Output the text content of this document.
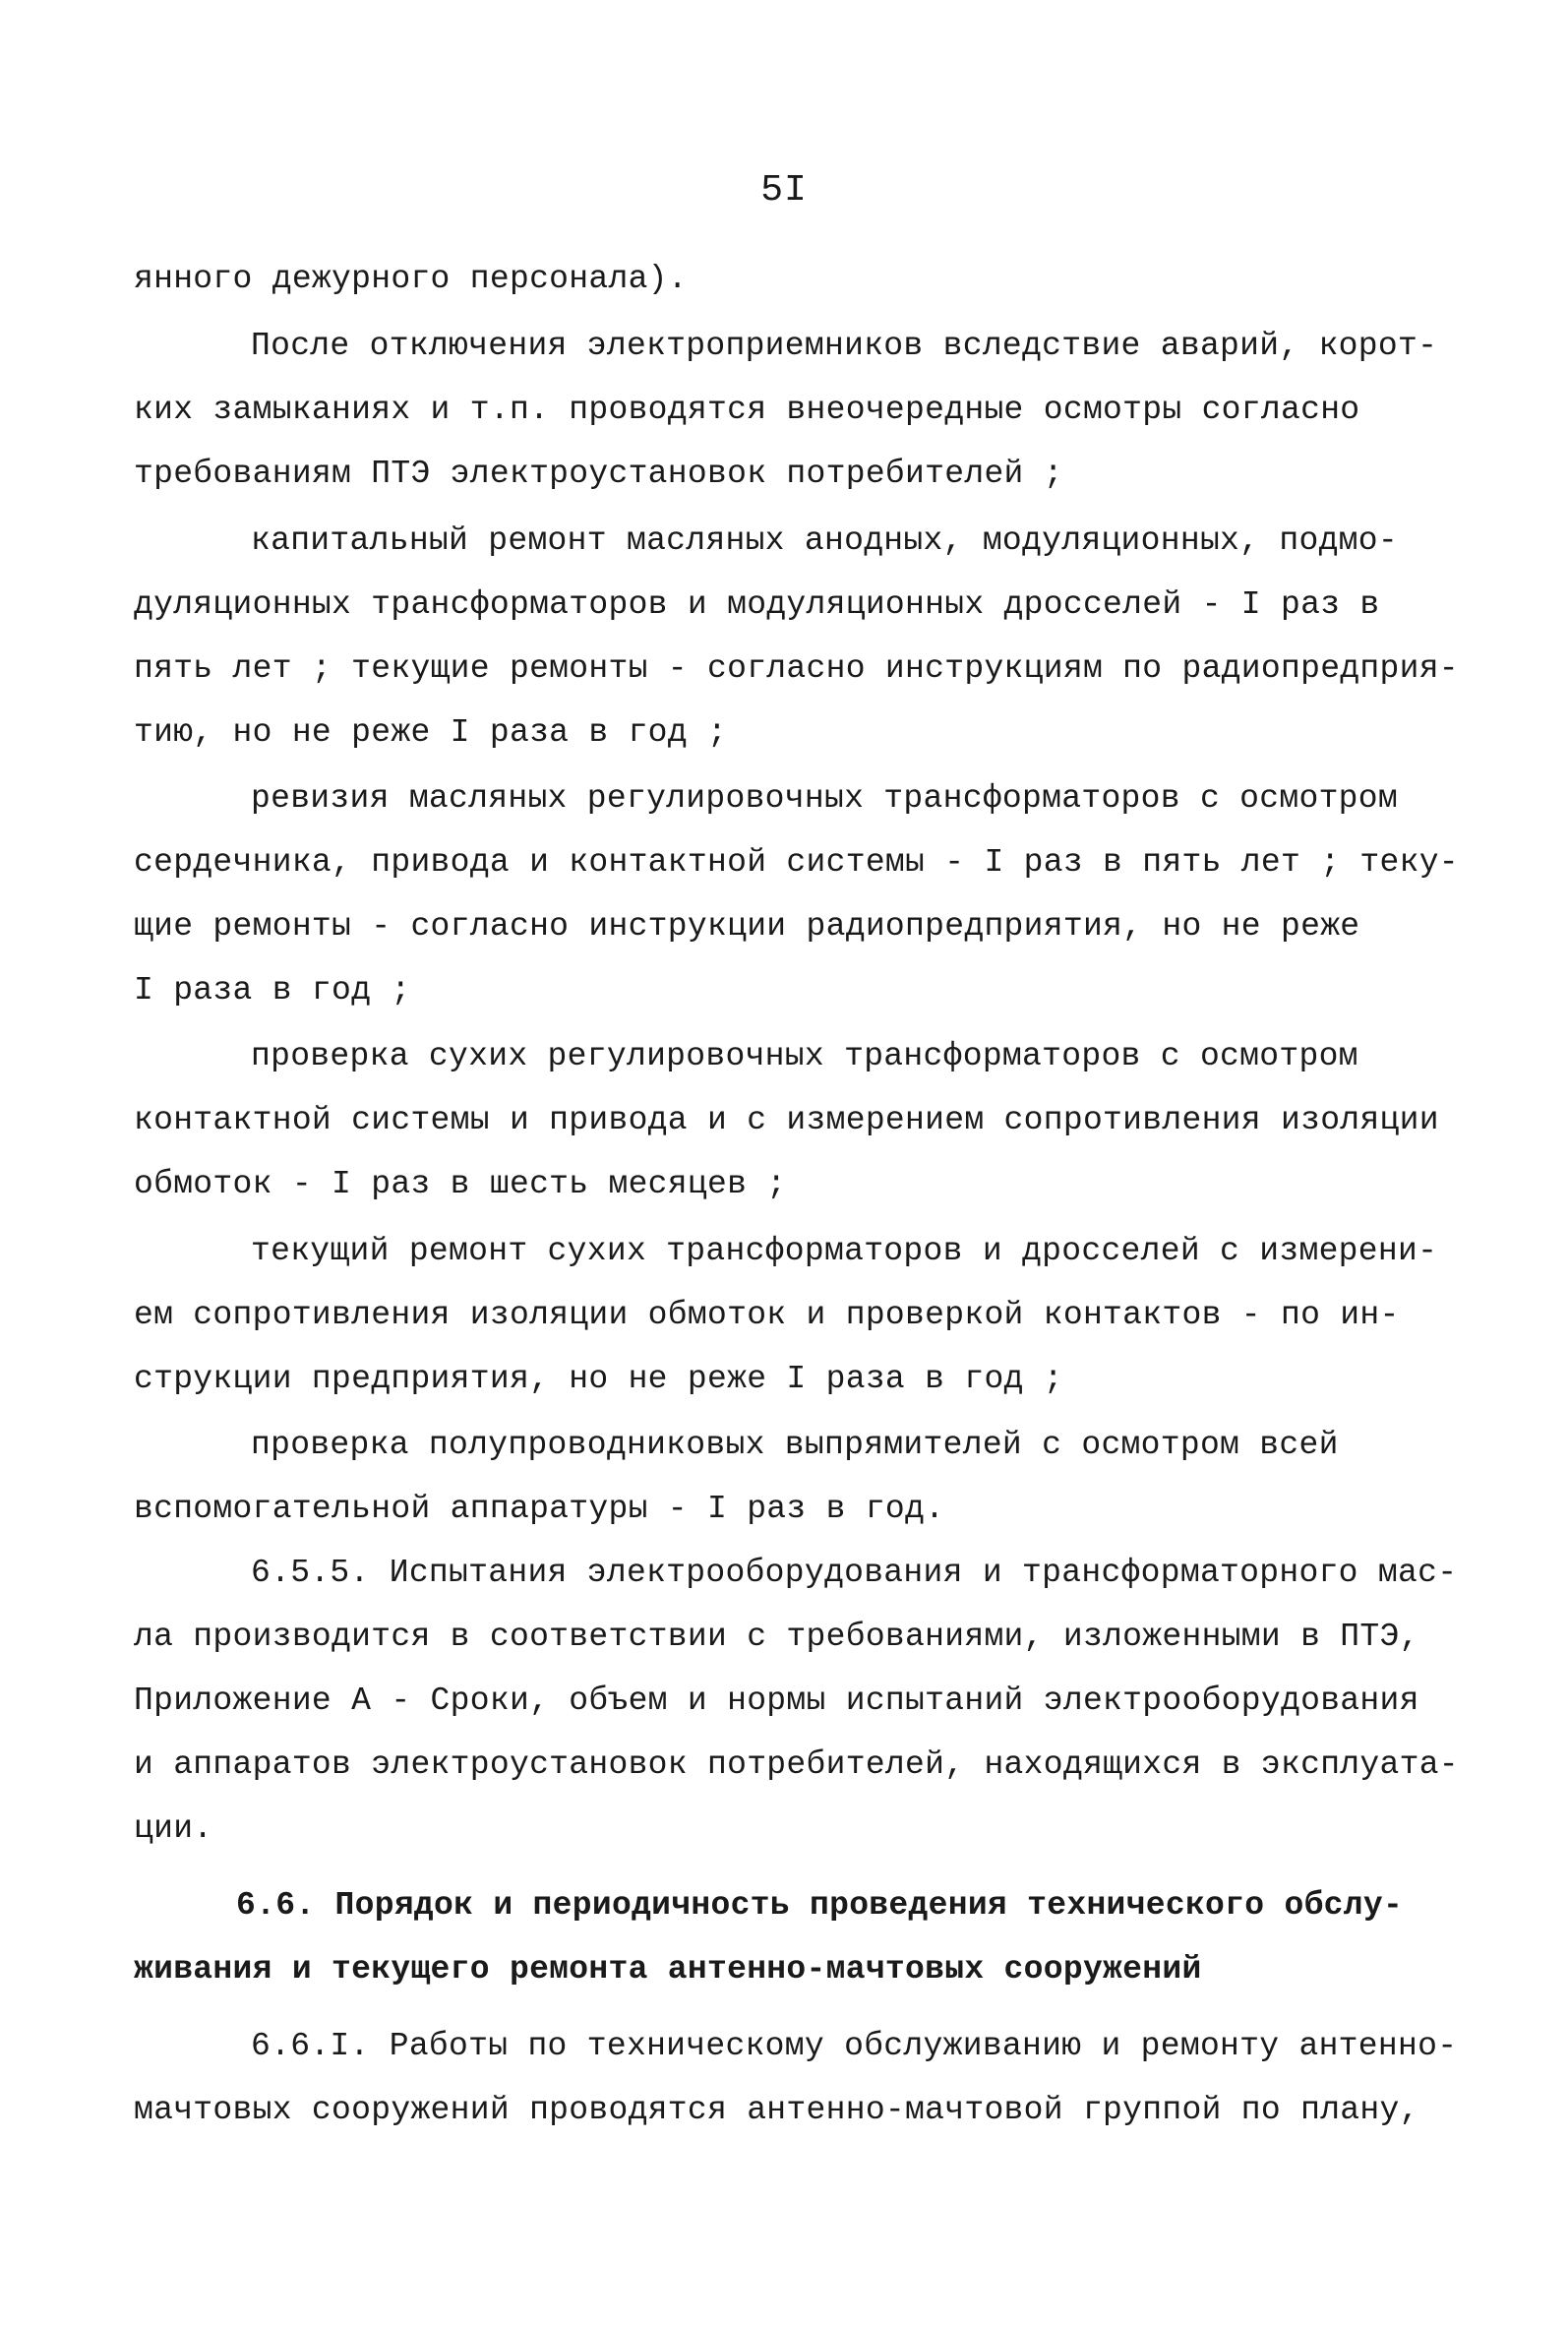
5I
янного дежурного персонала).
После отключения электроприемников вследствие аварий, корот-
ких замыканиях и т.п. проводятся внеочередные осмотры согласно
требованиям ПТЭ электроустановок потребителей ;
капитальный ремонт масляных анодных, модуляционных, подмо-
дуляционных трансформаторов и модуляционных дросселей - I раз в
пять лет ; текущие ремонты - согласно инструкциям по радиопредприя-
тию, но не реже I раза в год ;
ревизия масляных регулировочных трансформаторов с осмотром
сердечника, привода и контактной системы - I раз в пять лет ; теку-
щие ремонты - согласно инструкции радиопредприятия, но не реже
I раза в год ;
проверка сухих регулировочных трансформаторов с осмотром
контактной системы и привода и с измерением сопротивления изоляции
обмоток - I раз в шесть месяцев ;
текущий ремонт сухих трансформаторов и дросселей с измерени-
ем сопротивления изоляции обмоток и проверкой контактов - по ин-
струкции предприятия, но не реже I раза в год ;
проверка полупроводниковых выпрямителей с осмотром всей
вспомогательной аппаратуры - I раз в год.
6.5.5. Испытания электрооборудования и трансформаторного мас-
ла производится в соответствии с требованиями, изложенными в ПТЭ,
Приложение А - Сроки, объем и нормы испытаний электрооборудования
и аппаратов электроустановок потребителей, находящихся в эксплуата-
ции.
6.6. Порядок и периодичность проведения технического обслу-
живания и текущего ремонта антенно-мачтовых сооружений
6.6.I. Работы по техническому обслуживанию и ремонту антенно-
мачтовых сооружений проводятся антенно-мачтовой группой по плану,
